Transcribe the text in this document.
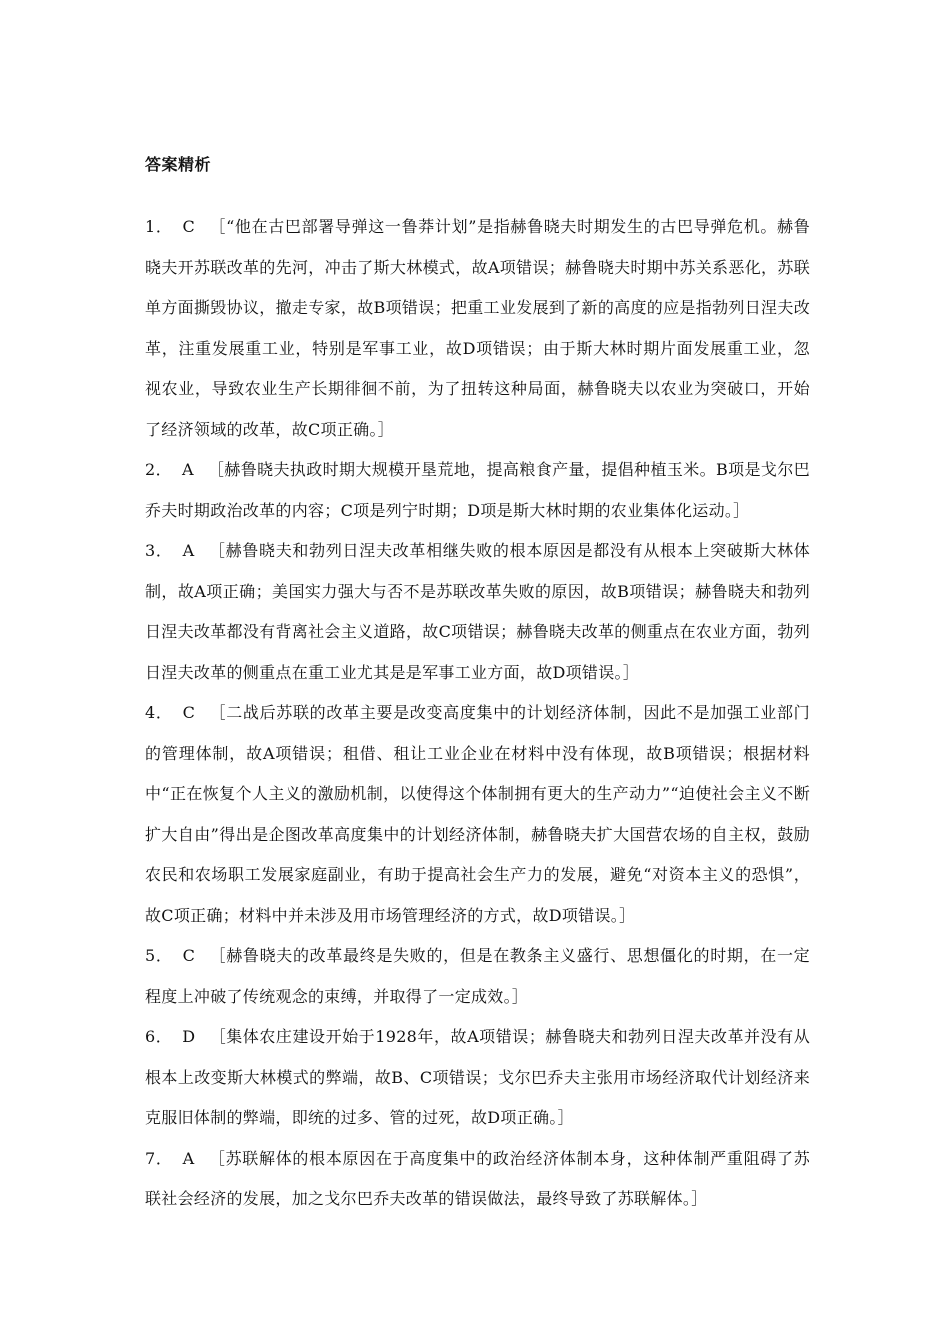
答案精析

1． C ［“他在古巴部署导弹这一鲁莽计划”是指赫鲁晓夫时期发生的古巴导弹危机。赫鲁晓夫开苏联改革的先河，冲击了斯大林模式，故A项错误；赫鲁晓夫时期中苏关系恶化，苏联单方面撕毁协议，撤走专家，故B项错误；把重工业发展到了新的高度的应是指勃列日涅夫改革，注重发展重工业，特别是军事工业，故D项错误；由于斯大林时期片面发展重工业，忽视农业，导致农业生产长期徘徊不前，为了扭转这种局面，赫鲁晓夫以农业为突破口，开始了经济领域的改革，故C项正确。］

2． A ［赫鲁晓夫执政时期大规模开垦荒地，提高粮食产量，提倡种植玉米。B项是戈尔巴乔夫时期政治改革的内容；C项是列宁时期；D项是斯大林时期的农业集体化运动。］

3． A ［赫鲁晓夫和勃列日涅夫改革相继失败的根本原因是都没有从根本上突破斯大林体制，故A项正确；美国实力强大与否不是苏联改革失败的原因，故B项错误；赫鲁晓夫和勃列日涅夫改革都没有背离社会主义道路，故C项错误；赫鲁晓夫改革的侧重点在农业方面，勃列日涅夫改革的侧重点在重工业尤其是是军事工业方面，故D项错误。］

4． C ［二战后苏联的改革主要是改变高度集中的计划经济体制，因此不是加强工业部门的管理体制，故A项错误；租借、租让工业企业在材料中没有体现，故B项错误；根据材料中“正在恢复个人主义的激励机制，以使得这个体制拥有更大的生产动力”“迫使社会主义不断扩大自由”得出是企图改革高度集中的计划经济体制，赫鲁晓夫扩大国营农场的自主权，鼓励农民和农场职工发展家庭副业，有助于提高社会生产力的发展，避免“对资本主义的恐惧”，故C项正确；材料中并未涉及用市场管理经济的方式，故D项错误。］

5． C ［赫鲁晓夫的改革最终是失败的，但是在教条主义盛行、思想僵化的时期，在一定程度上冲破了传统观念的束缚，并取得了一定成效。］

6． D ［集体农庄建设开始于1928年，故A项错误；赫鲁晓夫和勃列日涅夫改革并没有从根本上改变斯大林模式的弊端，故B、C项错误；戈尔巴乔夫主张用市场经济取代计划经济来克服旧体制的弊端，即统的过多、管的过死，故D项正确。］

7． A ［苏联解体的根本原因在于高度集中的政治经济体制本身，这种体制严重阻碍了苏联社会经济的发展，加之戈尔巴乔夫改革的错误做法，最终导致了苏联解体。］
